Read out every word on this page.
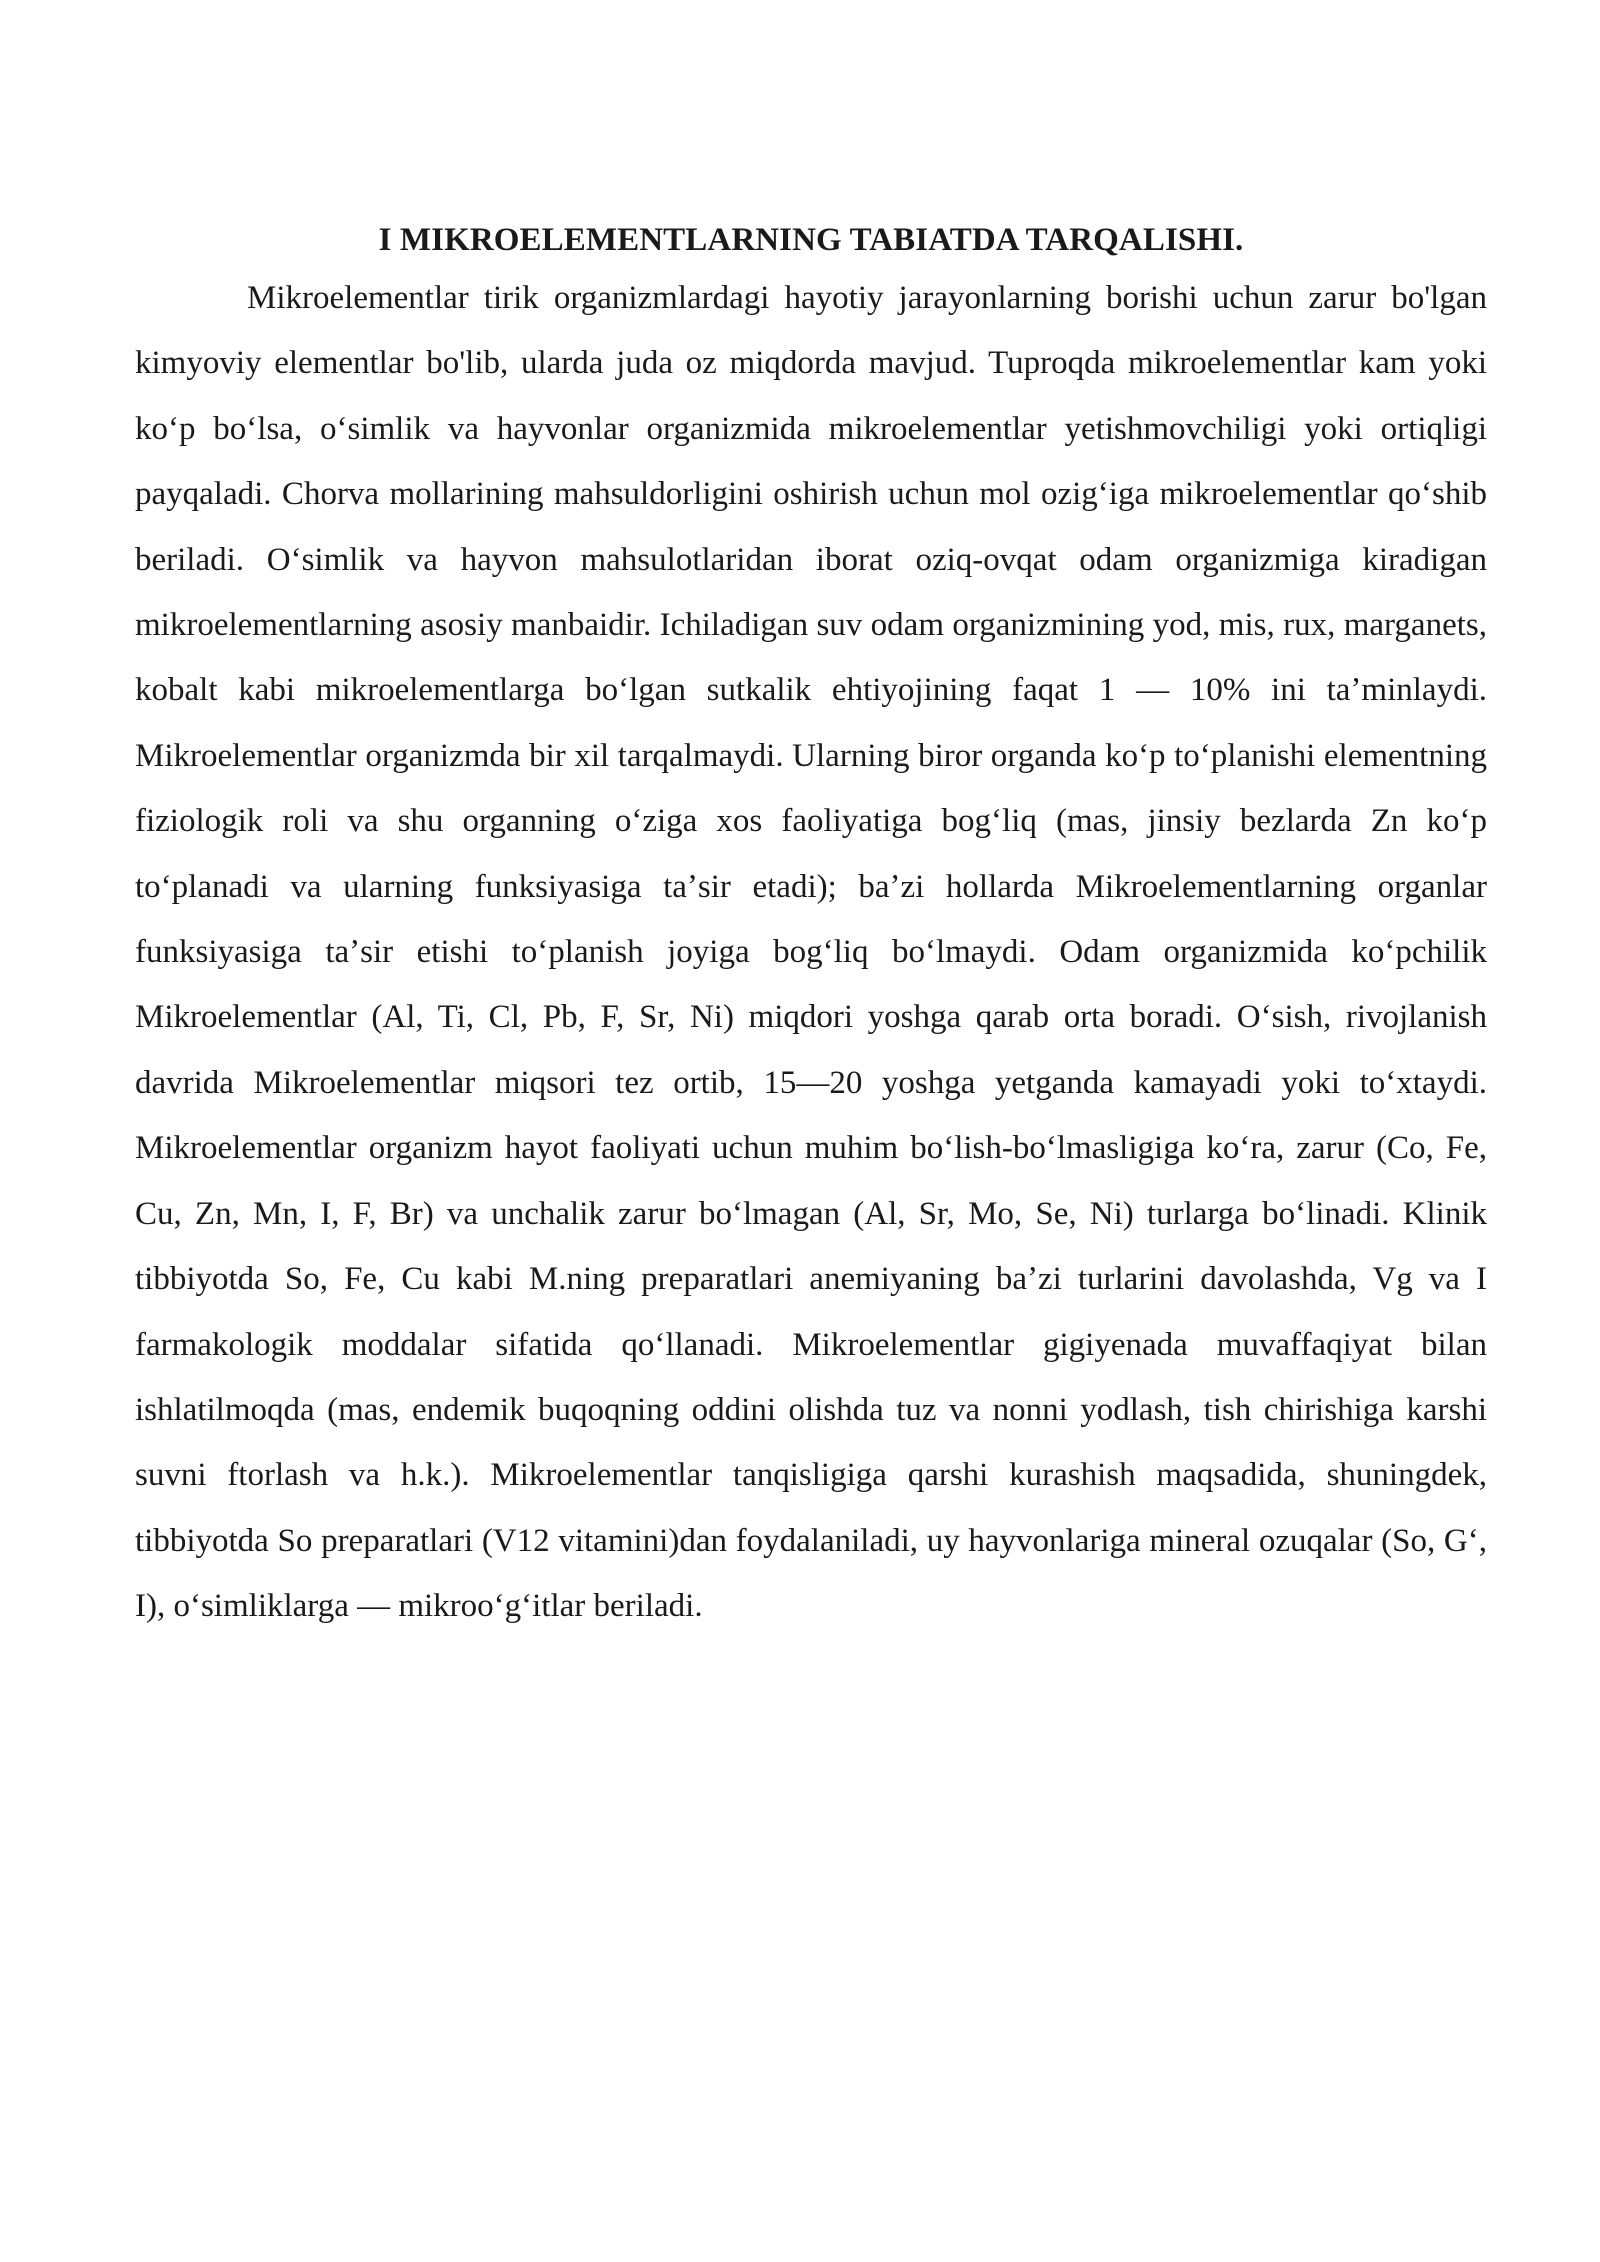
I MIKROELEMENTLARNING TABIATDA TARQALISHI.

Mikroelementlar tirik organizmlardagi hayotiy jarayonlarning borishi uchun zarur bo'lgan kimyoviy elementlar bo'lib, ularda juda oz miqdorda mavjud. Tuproqda mikroelementlar kam yoki koʻp boʻlsa, oʻsimlik va hayvonlar organizmida mikroelementlar yetishmovchiligi yoki ortiqligi payqaladi. Chorva mollarining mahsuldorligini oshirish uchun mol ozigʻiga mikroelementlar qoʻshib beriladi. Oʻsimlik va hayvon mahsulotlaridan iborat oziq-ovqat odam organizmiga kiradigan mikroelementlarning asosiy manbaidir. Ichiladigan suv odam organizmining yod, mis, rux, marganets, kobalt kabi mikroelementlarga boʻlgan sutkalik ehtiyojining faqat 1 — 10% ini taʼminlaydi. Mikroelementlar organizmda bir xil tarqalmaydi. Ularning biror organda koʻp toʻplanishi elementning fiziologik roli va shu organning oʻziga xos faoliyatiga bogʻliq (mas, jinsiy bezlarda Zn koʻp toʻplanadi va ularning funksiyasiga taʼsir etadi); baʼzi hollarda Mikroelementlarning organlar funksiyasiga taʼsir etishi toʻplanish joyiga bogʻliq boʻlmaydi. Odam organizmida koʻpchilik Mikroelementlar (Al, Ti, Cl, Pb, F, Sr, Ni) miqdori yoshga qarab orta boradi. Oʻsish, rivojlanish davrida Mikroelementlar miqsori tez ortib, 15—20 yoshga yetganda kamayadi yoki toʻxtaydi. Mikroelementlar organizm hayot faoliyati uchun muhim boʻlish-boʻlmasligiga koʻra, zarur (Co, Fe, Cu, Zn, Mn, I, F, Br) va unchalik zarur boʻlmagan (Al, Sr, Mo, Se, Ni) turlarga boʻlinadi. Klinik tibbiyotda So, Fe, Cu kabi M.ning preparatlari anemiyaning baʼzi turlarini davolashda, Vg va I farmakologik moddalar sifatida qoʻllanadi. Mikroelementlar gigiyenada muvaffaqiyat bilan ishlatilmoqda (mas, endemik buqoqning oddini olishda tuz va nonni yodlash, tish chirishiga karshi suvni ftorlash va h.k.). Mikroelementlar tanqisligiga qarshi kurashish maqsadida, shuningdek, tibbiyotda So preparatlari (V12 vitamini)dan foydalaniladi, uy hayvonlariga mineral ozuqalar (So, Gʻ, I), oʻsimliklarga — mikrooʻgʻitlar beriladi.
